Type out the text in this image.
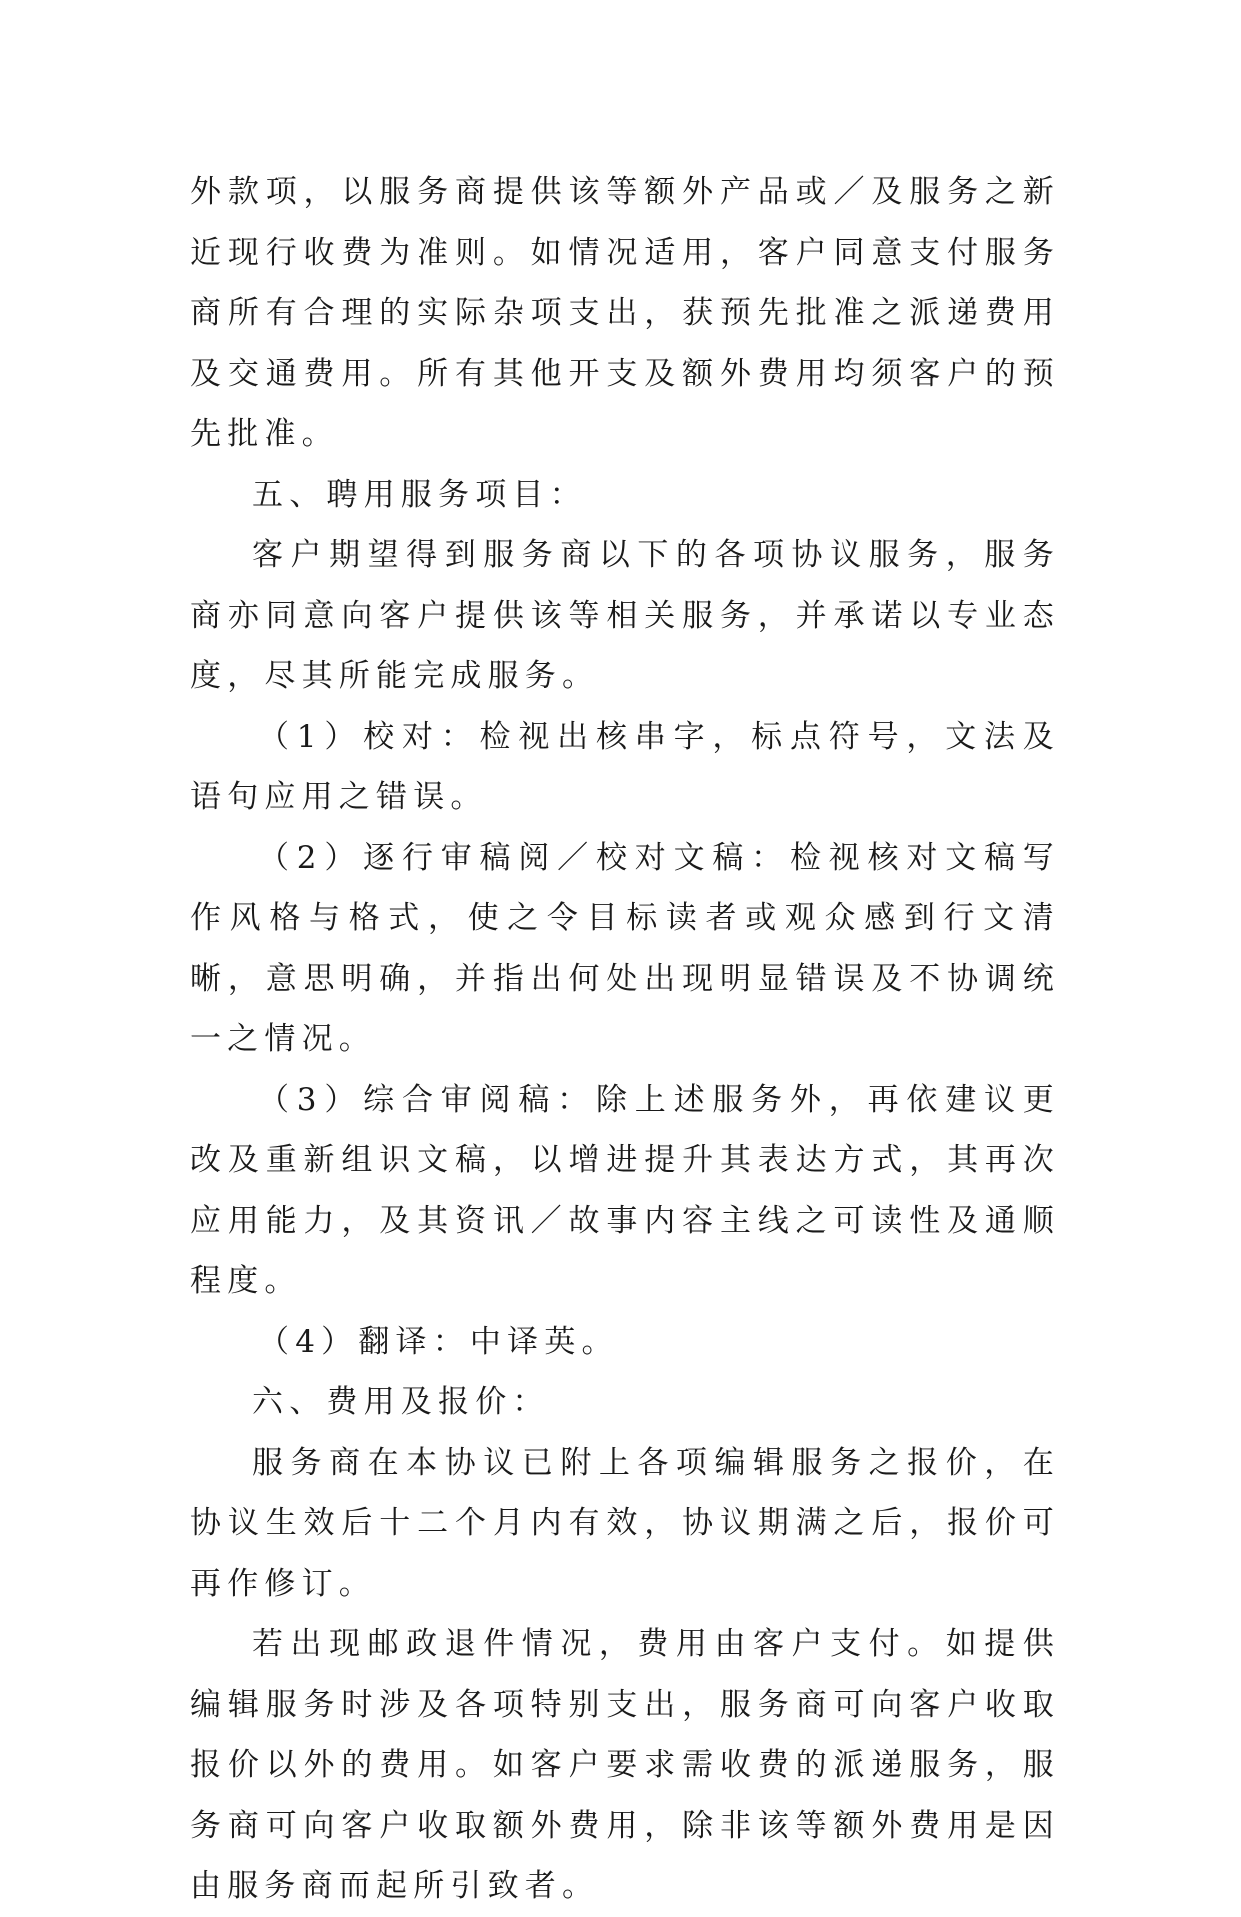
外款项，以服务商提供该等额外产品或／及服务之新近现行收费为准则。如情况适用，客户同意支付服务商所有合理的实际杂项支出，获预先批准之派递费用及交通费用。所有其他开支及额外费用均须客户的预先批准。

五、聘用服务项目：

客户期望得到服务商以下的各项协议服务，服务商亦同意向客户提供该等相关服务，并承诺以专业态度，尽其所能完成服务。

（1）校对：检视出核串字，标点符号，文法及语句应用之错误。

（2）逐行审稿阅／校对文稿：检视核对文稿写作风格与格式，使之令目标读者或观众感到行文清晰，意思明确，并指出何处出现明显错误及不协调统一之情况。

（3）综合审阅稿：除上述服务外，再依建议更改及重新组识文稿，以增进提升其表达方式，其再次应用能力，及其资讯／故事内容主线之可读性及通顺程度。

（4）翻译：中译英。

六、费用及报价：

服务商在本协议已附上各项编辑服务之报价，在协议生效后十二个月内有效，协议期满之后，报价可再作修订。

若出现邮政退件情况，费用由客户支付。如提供编辑服务时涉及各项特别支出，服务商可向客户收取报价以外的费用。如客户要求需收费的派递服务，服务商可向客户收取额外费用，除非该等额外费用是因由服务商而起所引致者。
